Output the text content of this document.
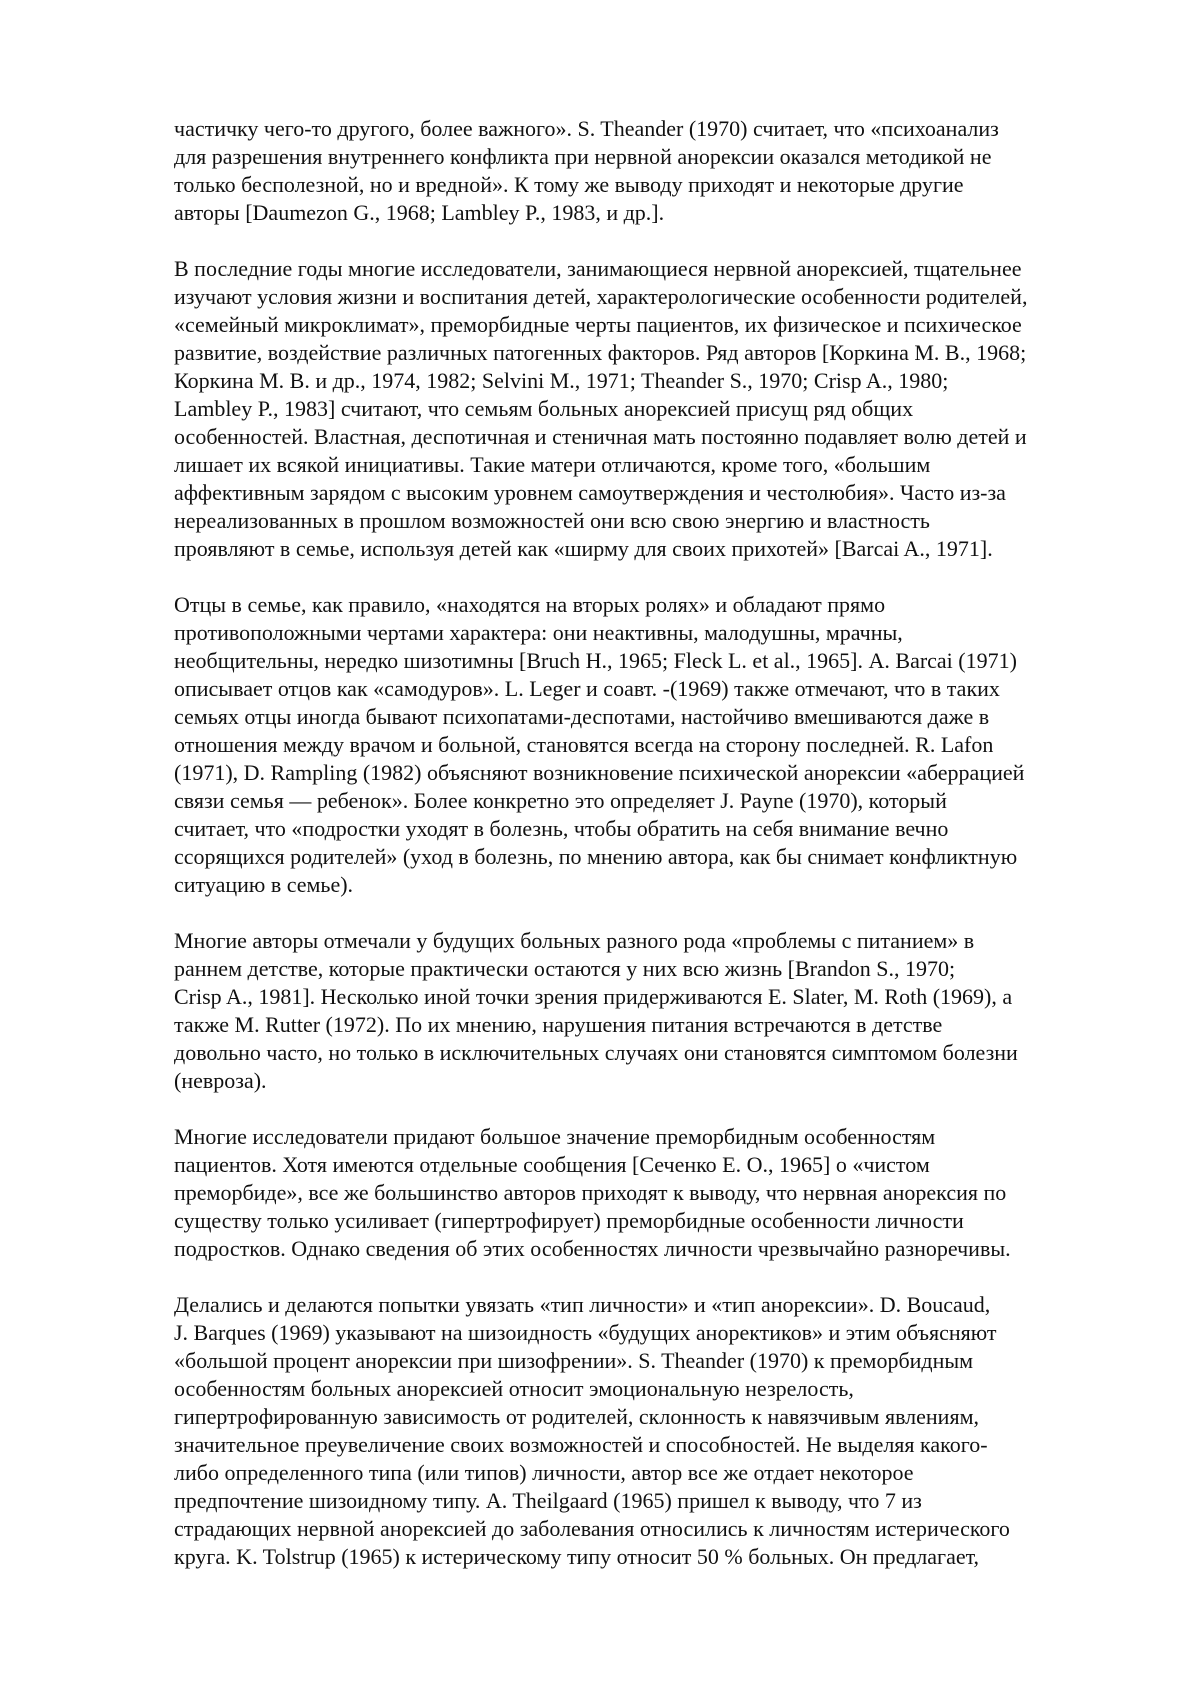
частичку чего-то другого, более важного». S. Theander (1970) считает, что «психоанализ
для разрешения внутреннего конфликта при нервной анорексии оказался методикой не
только бесполезной, но и вредной». К тому же выводу приходят и некоторые другие
авторы [Daumezon G., 1968; Lambley P., 1983, и др.].

В последние годы многие исследователи, занимающиеся нервной анорексией, тщательнее
изучают условия жизни и воспитания детей, характерологические особенности родителей,
«семейный микроклимат», преморбидные черты пациентов, их физическое и психическое
развитие, воздействие различных патогенных факторов. Ряд авторов [Коркина М. В., 1968;
Коркина М. В. и др., 1974, 1982; Selvini M., 1971; Theander S., 1970; Crisp A., 1980;
Lambley P., 1983] считают, что семьям больных анорексией присущ ряд общих
особенностей. Властная, деспотичная и стеничная мать постоянно подавляет волю детей и
лишает их всякой инициативы. Такие матери отличаются, кроме того, «большим
аффективным зарядом с высоким уровнем самоутверждения и честолюбия». Часто из-за
нереализованных в прошлом возможностей они всю свою энергию и властность
проявляют в семье, используя детей как «ширму для своих прихотей» [Barcai A., 1971].

Отцы в семье, как правило, «находятся на вторых ролях» и обладают прямо
противоположными чертами характера: они неактивны, малодушны, мрачны,
необщительны, нередко шизотимны [Bruch H., 1965; Fleck L. et al., 1965]. A. Barcai (1971)
описывает отцов как «самодуров». L. Leger и соавт. -(1969) также отмечают, что в таких
семьях отцы иногда бывают психопатами-деспотами, настойчиво вмешиваются даже в
отношения между врачом и больной, становятся всегда на сторону последней. R. Lafon
(1971), D. Rampling (1982) объясняют возникновение психической анорексии «аберрацией
связи семья — ребенок». Более конкретно это определяет J. Payne (1970), который
считает, что «подростки уходят в болезнь, чтобы обратить на себя внимание вечно
ссорящихся родителей» (уход в болезнь, по мнению автора, как бы снимает конфликтную
ситуацию в семье).

Многие авторы отмечали у будущих больных разного рода «проблемы с питанием» в
раннем детстве, которые практически остаются у них всю жизнь [Brandon S., 1970;
Crisp A., 1981]. Несколько иной точки зрения придерживаются E. Slater, M. Roth (1969), а
также M. Rutter (1972). По их мнению, нарушения питания встречаются в детстве
довольно часто, но только в исключительных случаях они становятся симптомом болезни
(невроза).

Многие исследователи придают большое значение преморбидным особенностям
пациентов. Хотя имеются отдельные сообщения [Сеченко Е. О., 1965] о «чистом
преморбиде», все же большинство авторов приходят к выводу, что нервная анорексия по
существу только усиливает (гипертрофирует) преморбидные особенности личности
подростков. Однако сведения об этих особенностях личности чрезвычайно разноречивы.

Делались и делаются попытки увязать «тип личности» и «тип анорексии». D. Boucaud,
J. Barques (1969) указывают на шизоидность «будущих аноректиков» и этим объясняют
«большой процент анорексии при шизофрении». S. Theander (1970) к преморбидным
особенностям больных анорексией относит эмоциональную незрелость,
гипертрофированную зависимость от родителей, склонность к навязчивым явлениям,
значительное преувеличение своих возможностей и способностей. Не выделяя какого-
либо определенного типа (или типов) личности, автор все же отдает некоторое
предпочтение шизоидному типу. A. Theilgaard (1965) пришел к выводу, что 7 из
страдающих нервной анорексией до заболевания относились к личностям истерического
круга. K. Tolstrup (1965) к истерическому типу относит 50 % больных. Он предлагает,
